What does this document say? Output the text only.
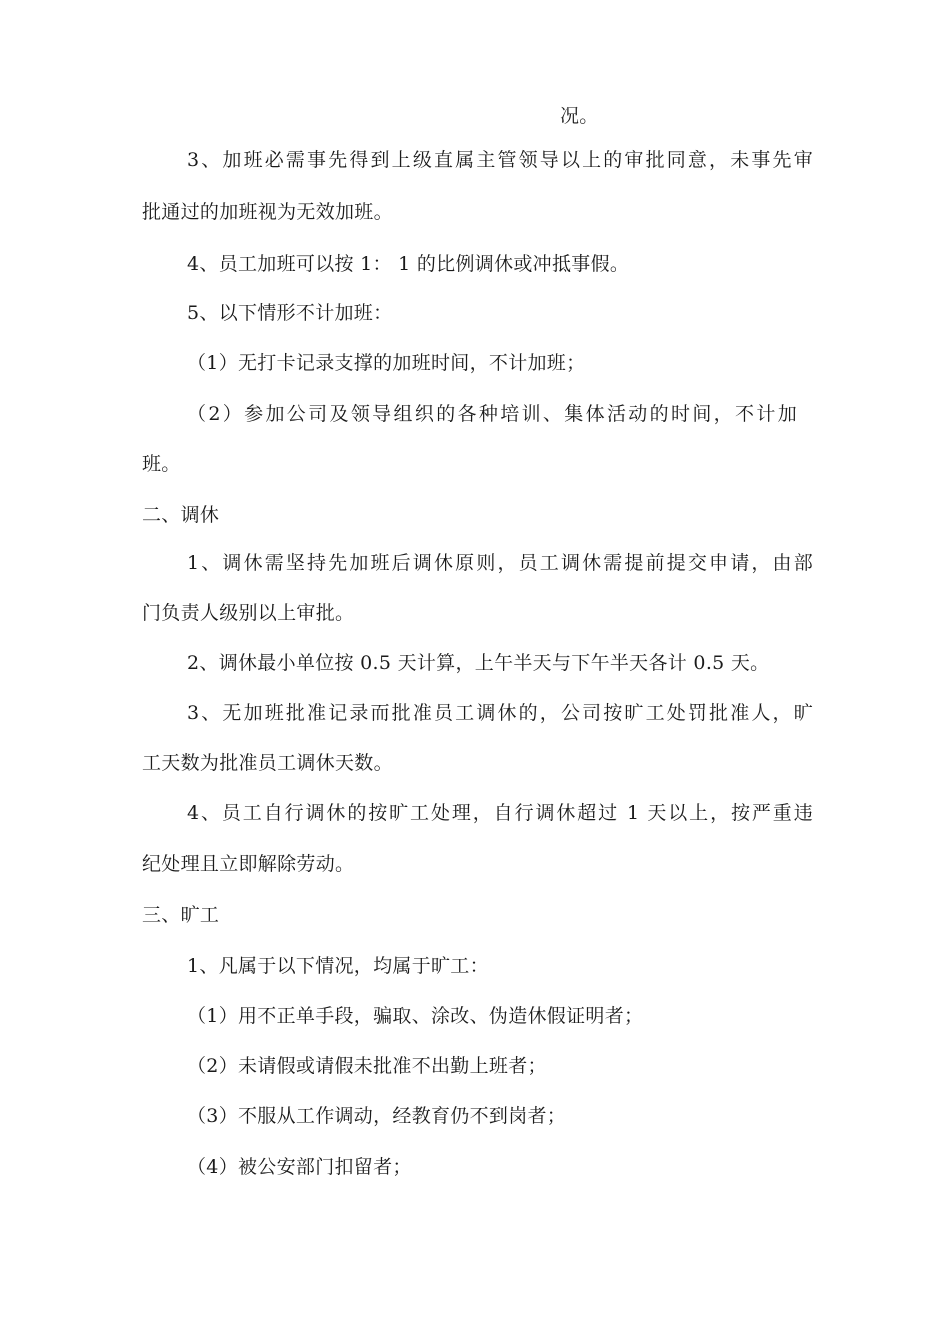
况。
3、加班必需事先得到上级直属主管领导以上的审批同意，未事先审
批通过的加班视为无效加班。
4、员工加班可以按 1： 1 的比例调休或冲抵事假。
5、以下情形不计加班：
（1）无打卡记录支撑的加班时间，不计加班；
（2）参加公司及领导组织的各种培训、集体活动的时间，不计加
班。
二、调休
1、调休需坚持先加班后调休原则，员工调休需提前提交申请，由部
门负责人级别以上审批。
2、调休最小单位按 0.5 天计算，上午半天与下午半天各计 0.5 天。
3、无加班批准记录而批准员工调休的，公司按旷工处罚批准人，旷
工天数为批准员工调休天数。
4、员工自行调休的按旷工处理，自行调休超过 1 天以上，按严重违
纪处理且立即解除劳动。
三、旷工
1、凡属于以下情况，均属于旷工：
（1）用不正单手段，骗取、涂改、伪造休假证明者；
（2）未请假或请假未批准不出勤上班者；
（3）不服从工作调动，经教育仍不到岗者；
（4）被公安部门扣留者；
